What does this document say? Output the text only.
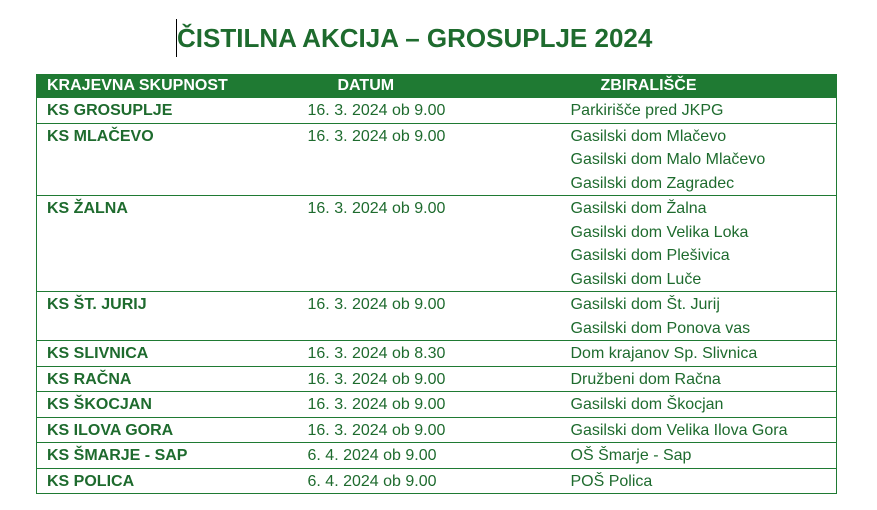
ČISTILNA AKCIJA – GROSUPLJE 2024
KRAJEVNA SKUPNOST	DATUM	ZBIRALIŠČE
KS GROSUPLJE	16. 3. 2024 ob 9.00	Parkirišče pred JKPG

KS MLAČEVO	16. 3. 2024 ob 9.00	Gasilski dom Mlačevo
Gasilski dom Malo Mlačevo
Gasilski dom Zagradec

KS ŽALNA	16. 3. 2024 ob 9.00	Gasilski dom Žalna
Gasilski dom Velika Loka
Gasilski dom Plešivica
Gasilski dom Luče

KS ŠT. JURIJ	16. 3. 2024 ob 9.00	Gasilski dom Št. Jurij
Gasilski dom Ponova vas

KS SLIVNICA	16. 3. 2024 ob 8.30	Dom krajanov Sp. Slivnica

KS RAČNA	16. 3. 2024 ob 9.00	Družbeni dom Račna

KS ŠKOCJAN	16. 3. 2024 ob 9.00	Gasilski dom Škocjan

KS ILOVA GORA	16. 3. 2024 ob 9.00	Gasilski dom Velika Ilova Gora

KS ŠMARJE - SAP	6. 4. 2024 ob 9.00	OŠ Šmarje - Sap

KS POLICA	6. 4. 2024 ob 9.00	POŠ Polica
